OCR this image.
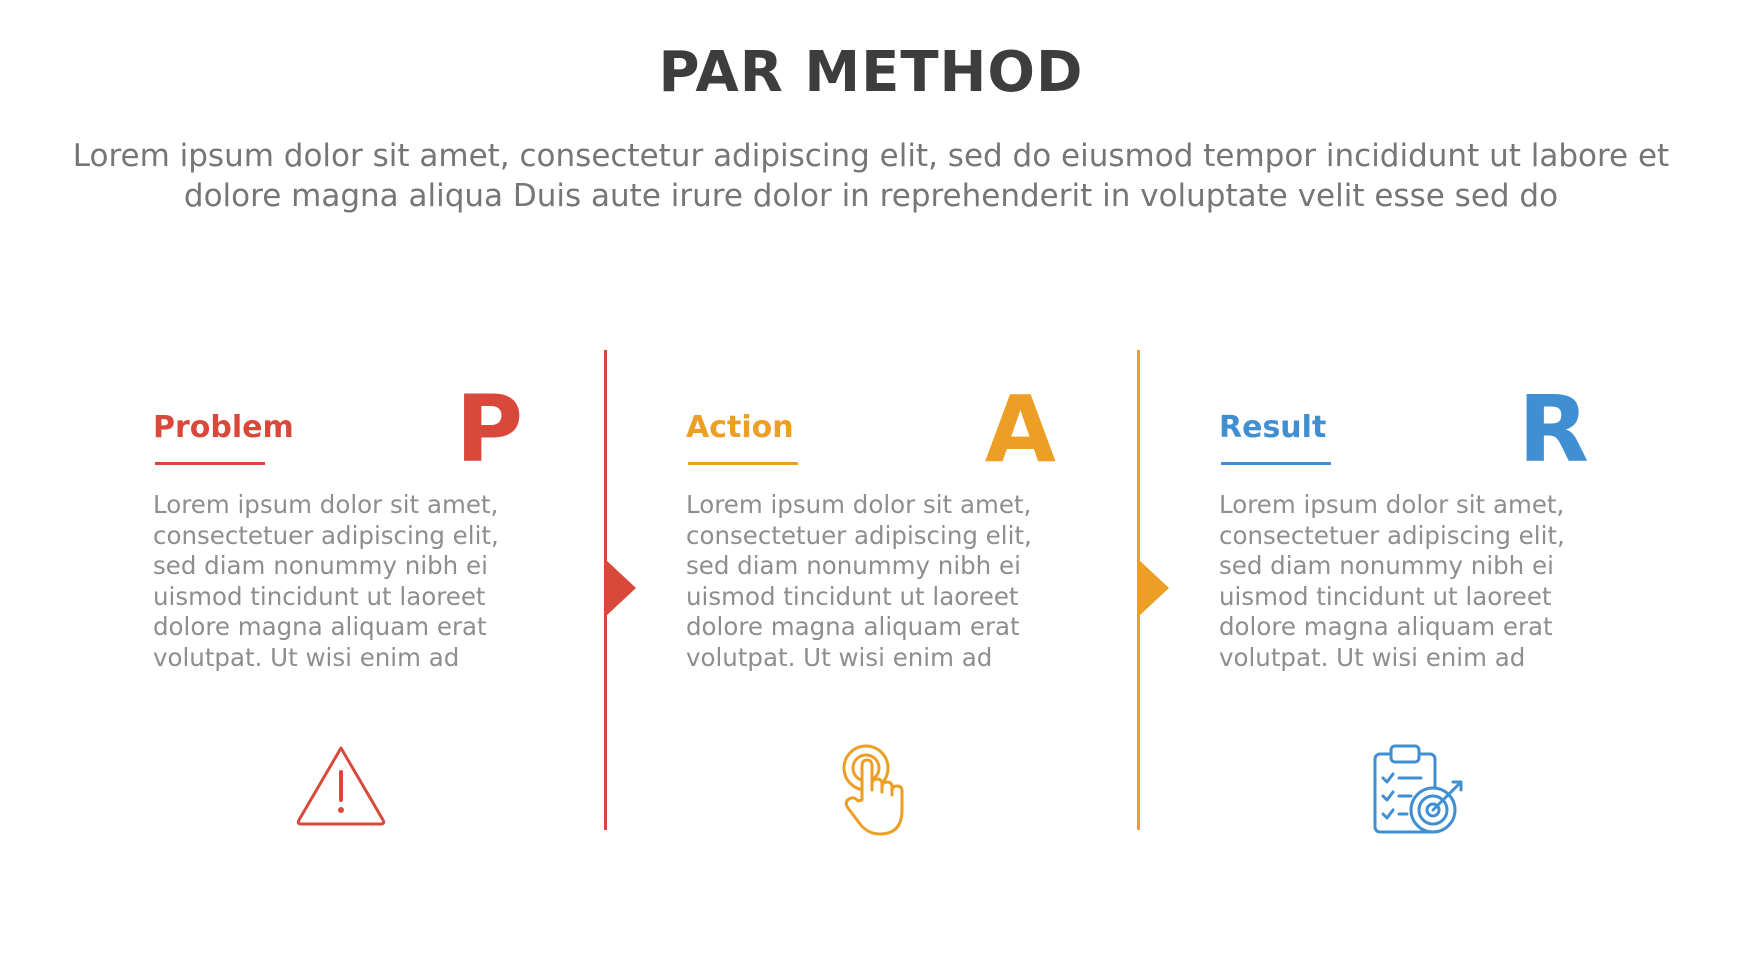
PAR METHOD
Lorem ipsum dolor sit amet, consectetur adipiscing elit, sed do eiusmod tempor incididunt ut labore et dolore magna aliqua Duis aute irure dolor in reprehenderit in voluptate velit esse sed do
Problem P
Lorem ipsum dolor sit amet,
consectetuer adipiscing elit,
sed diam nonummy nibh ei
uismod tincidunt ut laoreet
dolore magna aliquam erat
volutpat. Ut wisi enim ad
Action A
Lorem ipsum dolor sit amet,
consectetuer adipiscing elit,
sed diam nonummy nibh ei
uismod tincidunt ut laoreet
dolore magna aliquam erat
volutpat. Ut wisi enim ad
Result R
Lorem ipsum dolor sit amet,
consectetuer adipiscing elit,
sed diam nonummy nibh ei
uismod tincidunt ut laoreet
dolore magna aliquam erat
volutpat. Ut wisi enim ad
